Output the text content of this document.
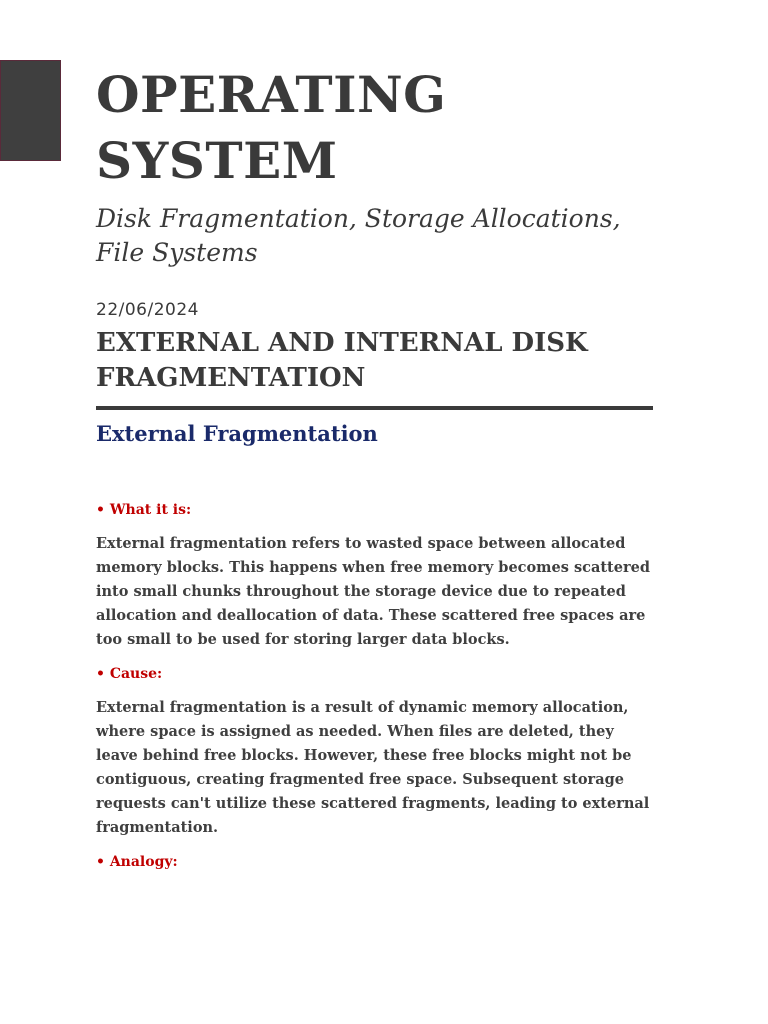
OPERATING
SYSTEM

Disk Fragmentation, Storage Allocations, File Systems

22/06/2024

EXTERNAL AND INTERNAL DISK FRAGMENTATION
External Fragmentation

• What it is:

External fragmentation refers to wasted space between allocated memory blocks. This happens when free memory becomes scattered into small chunks throughout the storage device due to repeated allocation and deallocation of data. These scattered free spaces are too small to be used for storing larger data blocks.

• Cause:

External fragmentation is a result of dynamic memory allocation, where space is assigned as needed. When files are deleted, they leave behind free blocks. However, these free blocks might not be contiguous, creating fragmented free space. Subsequent storage requests can't utilize these scattered fragments, leading to external fragmentation.

• Analogy:
